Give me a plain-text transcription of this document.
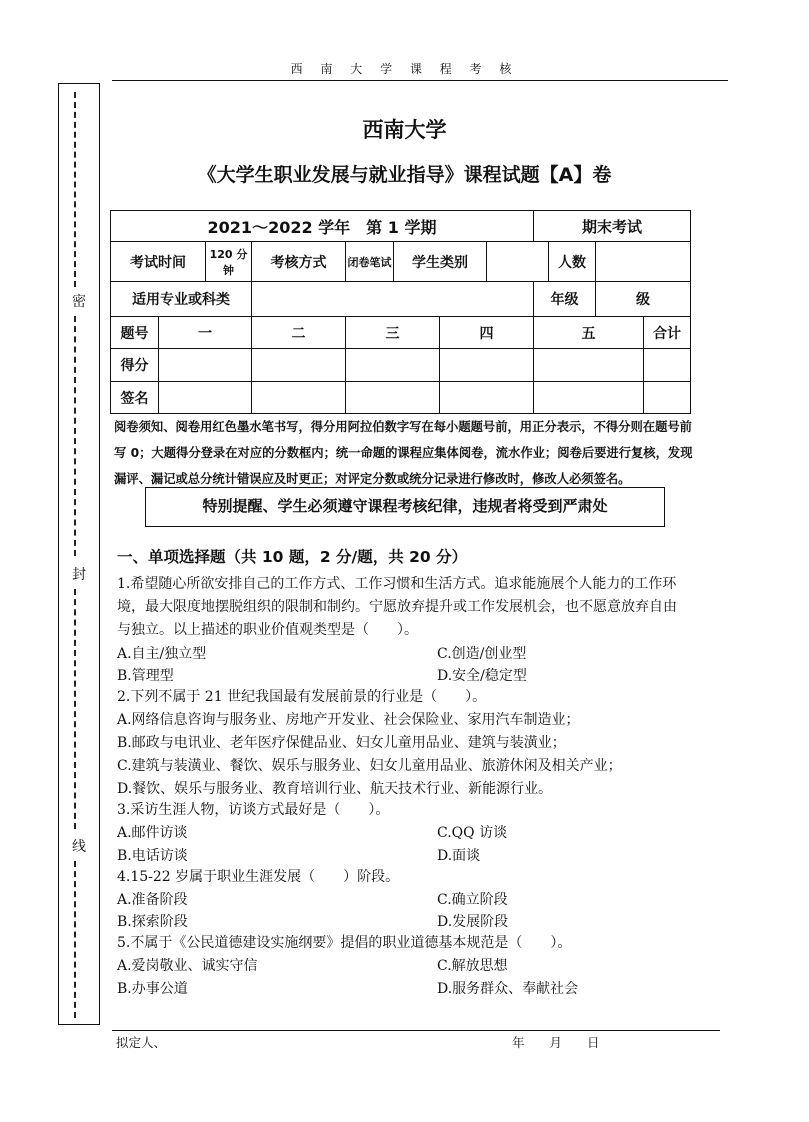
西 南 大 学 课 程 考 核
密
封
线
西南大学
《大学生职业发展与就业指导》课程试题【A】卷
2021～2022 学年　第 1 学期								期末考试			
考试时间		120 分钟	考核方式	闭卷笔试	学生类别				人数		
适用专业或科类								年级		级	
题号	一		二	三		四		五			合计
得分											
签名											
阅卷须知、阅卷用红色墨水笔书写，得分用阿拉伯数字写在每小题题号前，用正分表示，不得分则在题号前
写 0；大题得分登录在对应的分数框内；统一命题的课程应集体阅卷，流水作业；阅卷后要进行复核，发现
漏评、漏记或总分统计错误应及时更正；对评定分数或统分记录进行修改时，修改人必须签名。
特别提醒、学生必须遵守课程考核纪律，违规者将受到严肃处
一、单项选择题（共 10 题，2 分/题，共 20 分）
1.希望随心所欲安排自己的工作方式、工作习惯和生活方式。追求能施展个人能力的工作环
境，最大限度地摆脱组织的限制和制约。宁愿放弃提升或工作发展机会，也不愿意放弃自由
与独立。以上描述的职业价值观类型是（　　）。
A.自主/独立型	C.创造/创业型
B.管理型	D.安全/稳定型
2.下列不属于 21 世纪我国最有发展前景的行业是（　　）。
A.网络信息咨询与服务业、房地产开发业、社会保险业、家用汽车制造业；
B.邮政与电讯业、老年医疗保健品业、妇女儿童用品业、建筑与装潢业；
C.建筑与装潢业、餐饮、娱乐与服务业、妇女儿童用品业、旅游休闲及相关产业；
D.餐饮、娱乐与服务业、教育培训行业、航天技术行业、新能源行业。
3.采访生涯人物，访谈方式最好是（　　）。
A.邮件访谈	C.QQ 访谈
B.电话访谈	D.面谈
4.15-22 岁属于职业生涯发展（　　）阶段。
A.准备阶段	C.确立阶段
B.探索阶段	D.发展阶段
5.不属于《公民道德建设实施纲要》提倡的职业道德基本规范是（　　）。
A.爱岗敬业、诚实守信	C.解放思想
B.办事公道	D.服务群众、奉献社会
拟定人、	年　　月　　日
